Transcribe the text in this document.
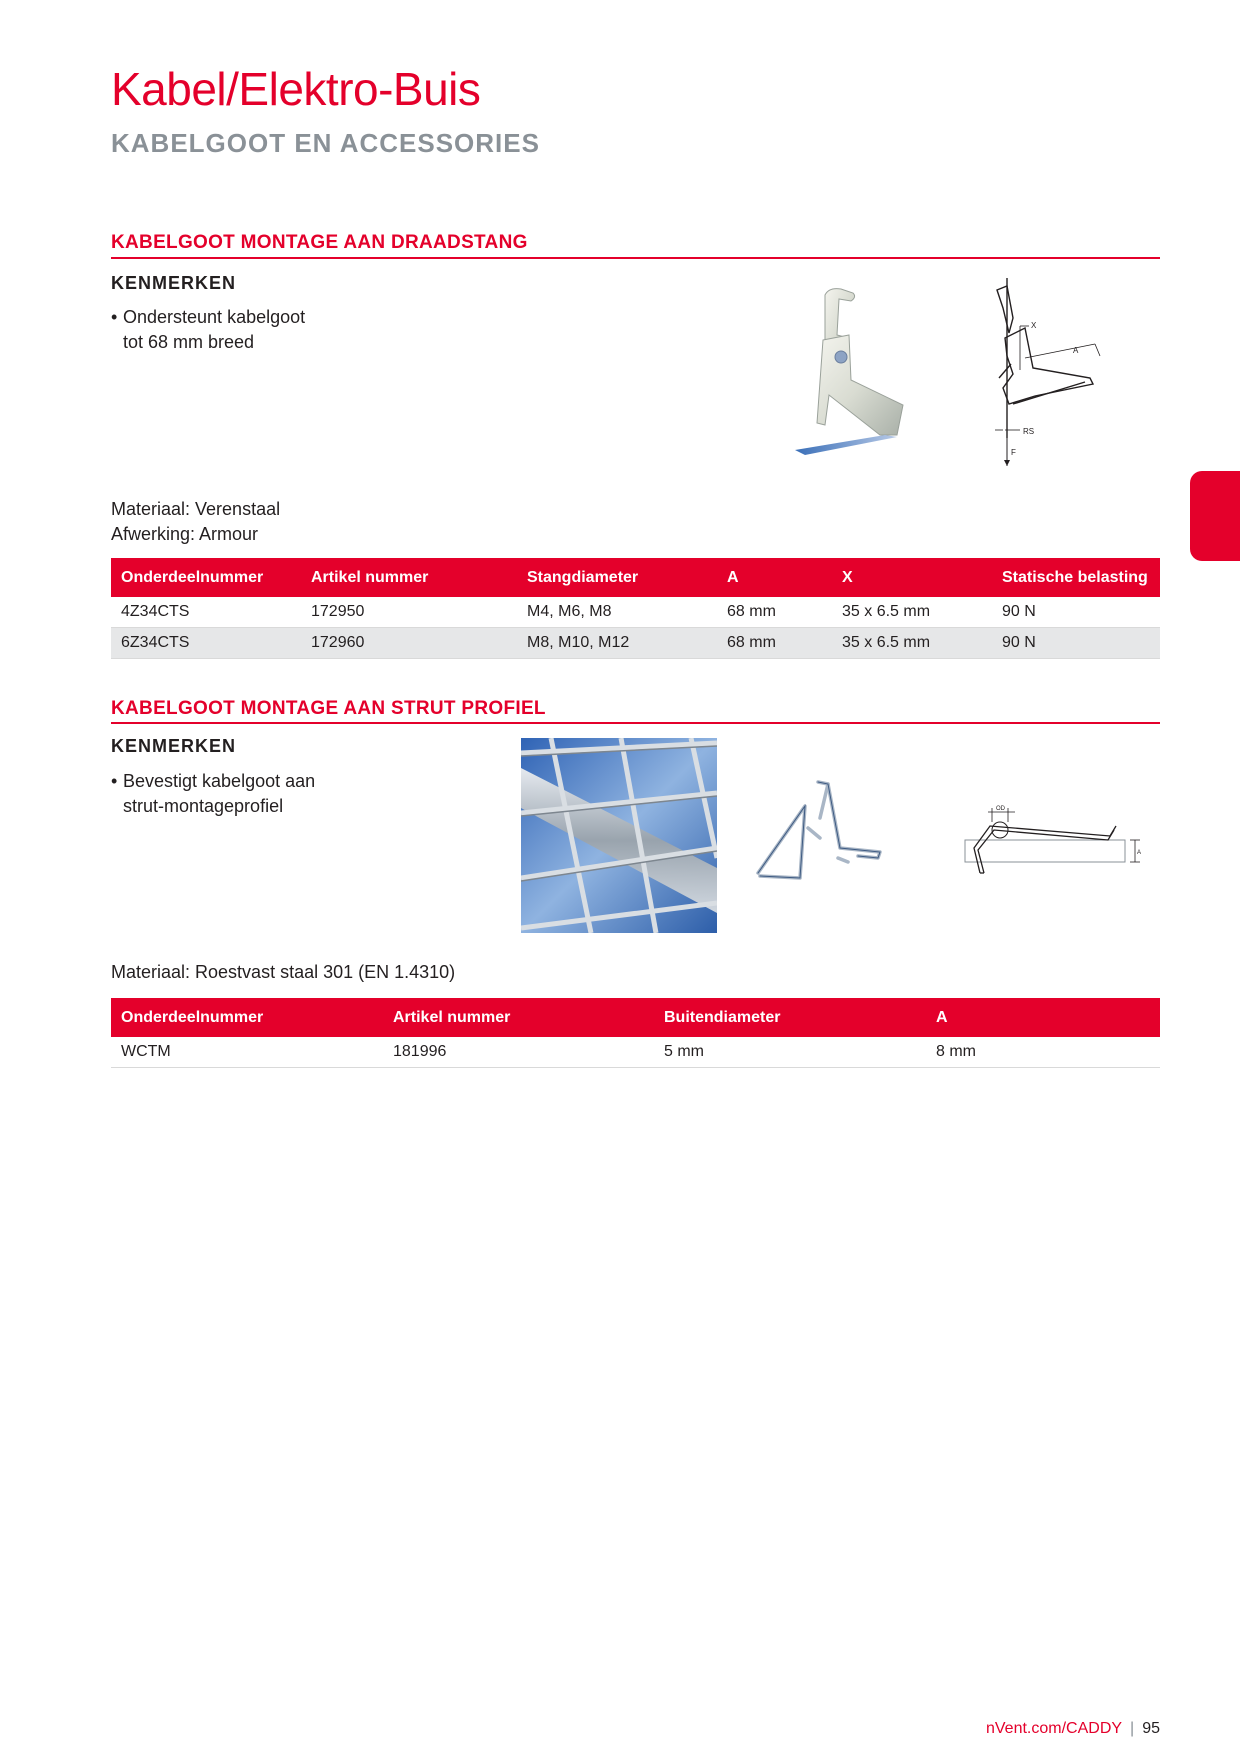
Kabel/Elektro-Buis
KABELGOOT EN ACCESSORIES
KABELGOOT MONTAGE AAN DRAADSTANG
KENMERKEN
• Ondersteunt kabelgoot
tot 68 mm breed
X
A
RS
F
Materiaal: Verenstaal
Afwerking: Armour
Onderdeelnummer	Artikel nummer	Stangdiameter	A	X	Statische belasting
4Z34CTS	172950	M4, M6, M8	68 mm	35 x 6.5 mm	90 N
6Z34CTS	172960	M8, M10, M12	68 mm	35 x 6.5 mm	90 N
KABELGOOT MONTAGE AAN STRUT PROFIEL
KENMERKEN
• Bevestigt kabelgoot aan
strut-montageprofiel	OD
A
Materiaal: Roestvast staal 301 (EN 1.4310)
Onderdeelnummer	Artikel nummer	Buitendiameter	A
WCTM	181996	5 mm	8 mm
nVent.com/CADDY | 95
